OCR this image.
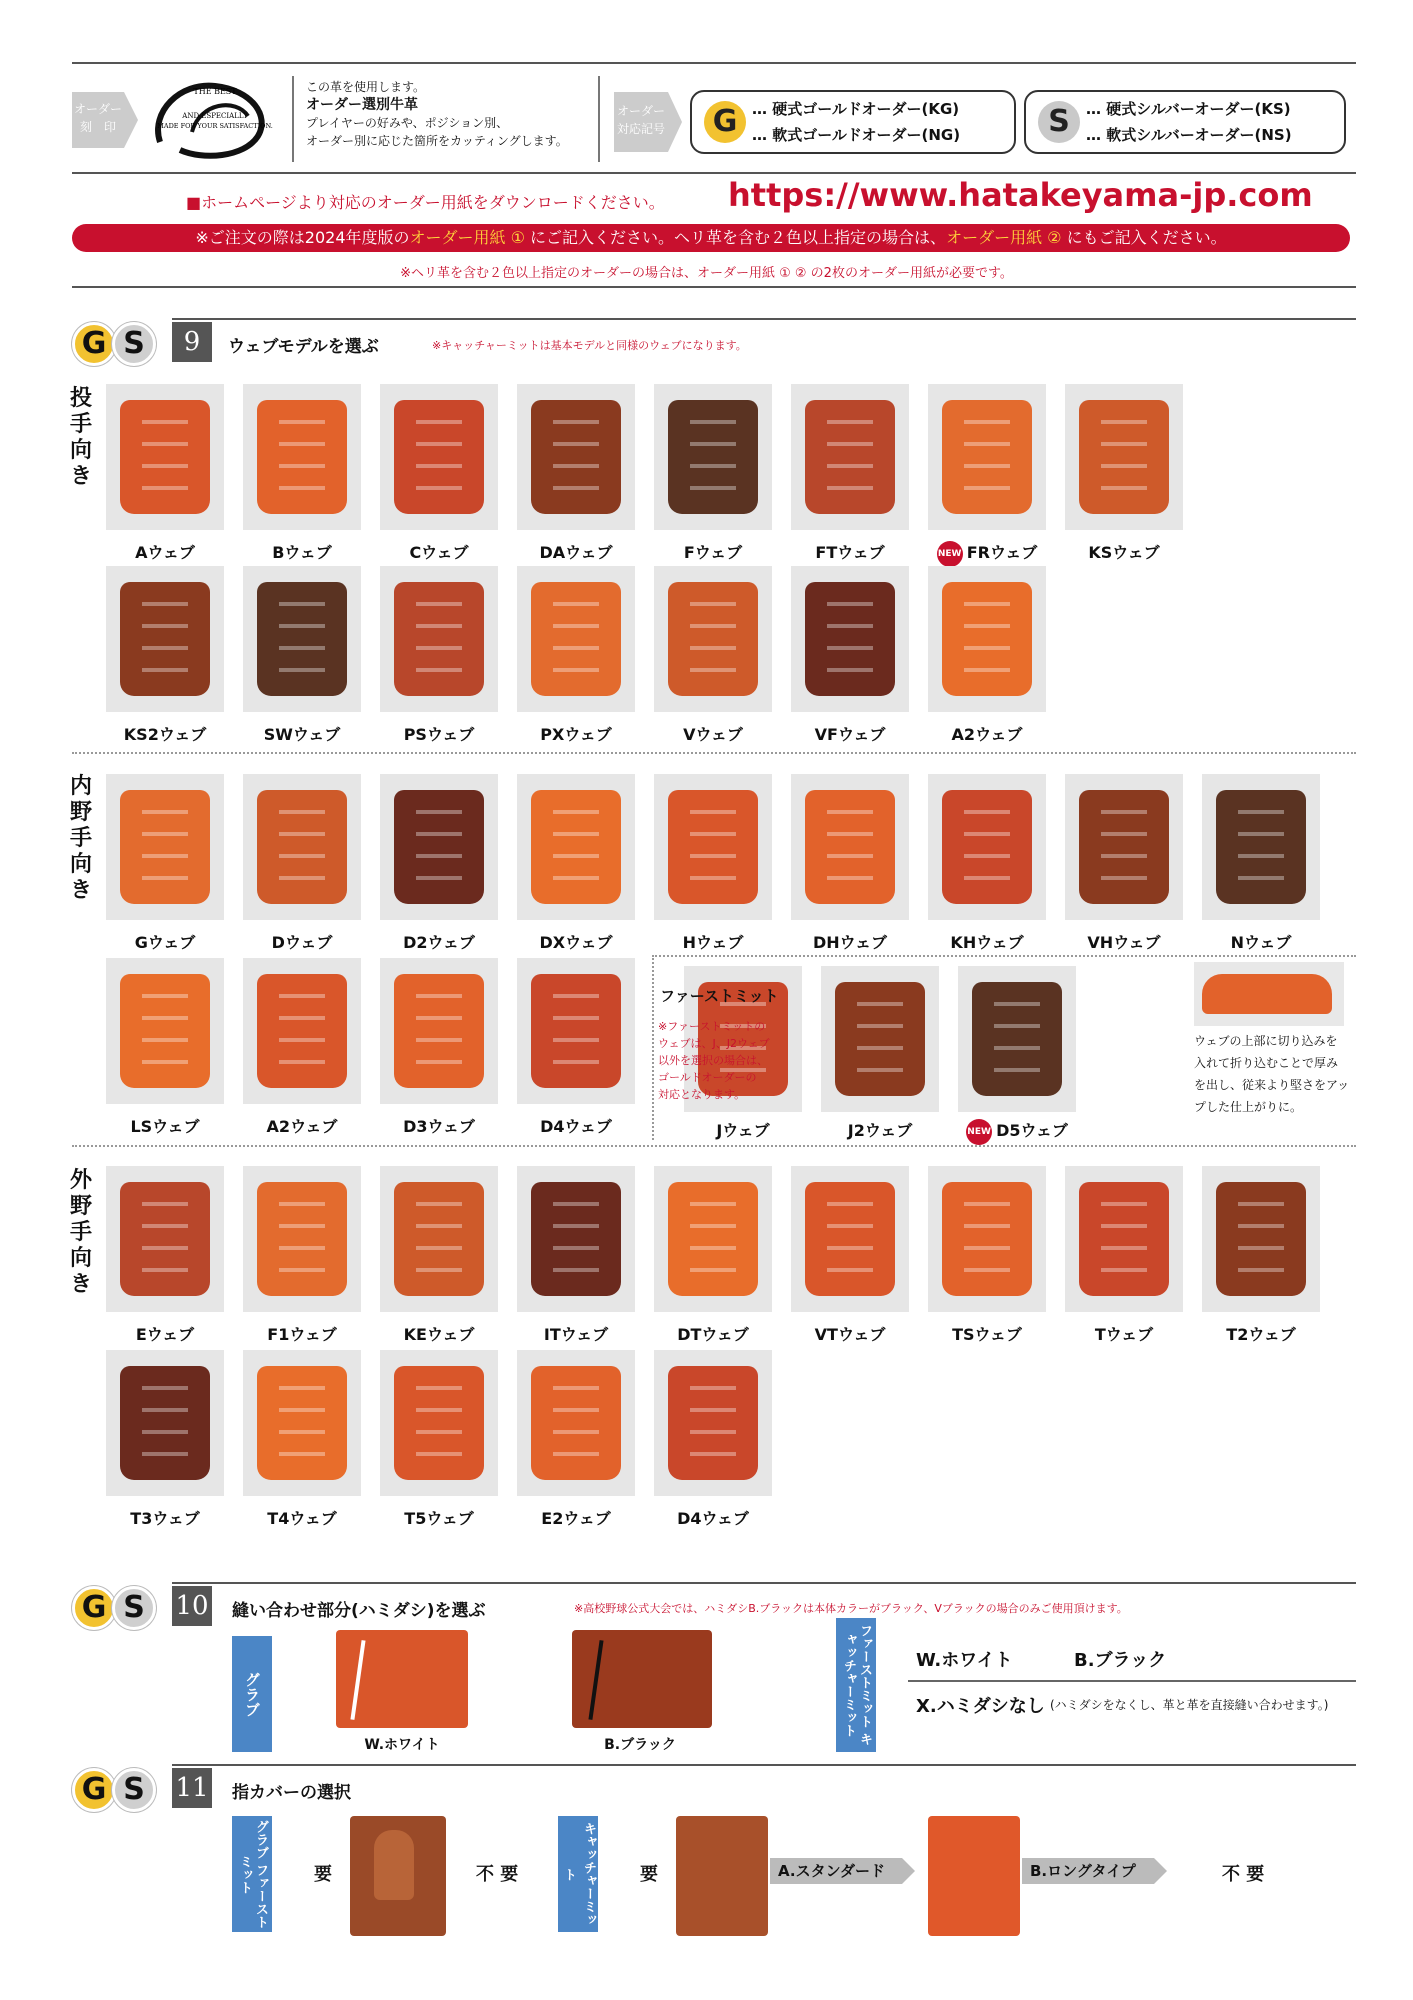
オーダー
刻　印
THE BEST
AND ESPECIALLY
MADE FOR YOUR SATISFACTION.
この革を使用します。
オーダー選別牛革
プレイヤーの好みや、ポジション別、
オーダー別に応じた箇所をカッティングします。
オーダー
対応記号 G … 硬式ゴールドオーダー(KG)
… 軟式ゴールドオーダー(NG)	S	… 硬式シルバーオーダー(KS)
… 軟式シルバーオーダー(NS)
■ホームページより対応のオーダー用紙をダウンロードください。 https://www.hatakeyama-jp.com
※ご注文の際は2024年度版のオーダー用紙 ① にご記入ください。ヘリ革を含む２色以上指定の場合は、オーダー用紙 ② にもご記入ください。
※ヘリ革を含む２色以上指定のオーダーの場合は、オーダー用紙 ① ② の2枚のオーダー用紙が必要です。
G S	9	ウェブモデルを選ぶ	※キャッチャーミットは基本モデルと同様のウェブになります。
投手向き
内野手向き
外野手向き
Aウェブ	Bウェブ	Cウェブ	DAウェブ	Fウェブ	FTウェブ	NEW FRウェブ	KSウェブ
KS2ウェブ	SWウェブ	PSウェブ	PXウェブ	Vウェブ	VFウェブ	A2ウェブ
Gウェブ	Dウェブ	D2ウェブ	DXウェブ	Hウェブ	DHウェブ	KHウェブ	VHウェブ	Nウェブ
LSウェブ	A2ウェブ	D3ウェブ	D4ウェブ	Jウェブ	J2ウェブ	NEW D5ウェブ
Eウェブ	F1ウェブ	KEウェブ	ITウェブ	DTウェブ	VTウェブ	TSウェブ	Tウェブ	T2ウェブ
T3ウェブ	T4ウェブ	T5ウェブ	E2ウェブ	D4ウェブ
ファーストミット
※ファーストミットの
ウェブは、J、J2ウェブ
以外を選択の場合は、
ゴールドオーダーの
対応となります。
ウェブの上部に切り込みを
入れて折り込むことで厚み
を出し、従来より堅さをアッ
プした仕上がりに。
G S	10 縫い合わせ部分(ハミダシ)を選ぶ	※高校野球公式大会では、ハミダシB.ブラックは本体カラーがブラック、Vブラックの場合のみご使用頂けます。
グラブ
W.ホワイト	B.ブラック	ファーストミット キャッチャーミット	W.ホワイト	B.ブラック
X.ハミダシなし (ハミダシをなくし、革と革を直接縫い合わせます。)
G S	11 指カバーの選択
グラブ ファーストミット	要	不 要	キャッチャーミット	要	A.スタンダード	B.ロングタイプ	不 要
